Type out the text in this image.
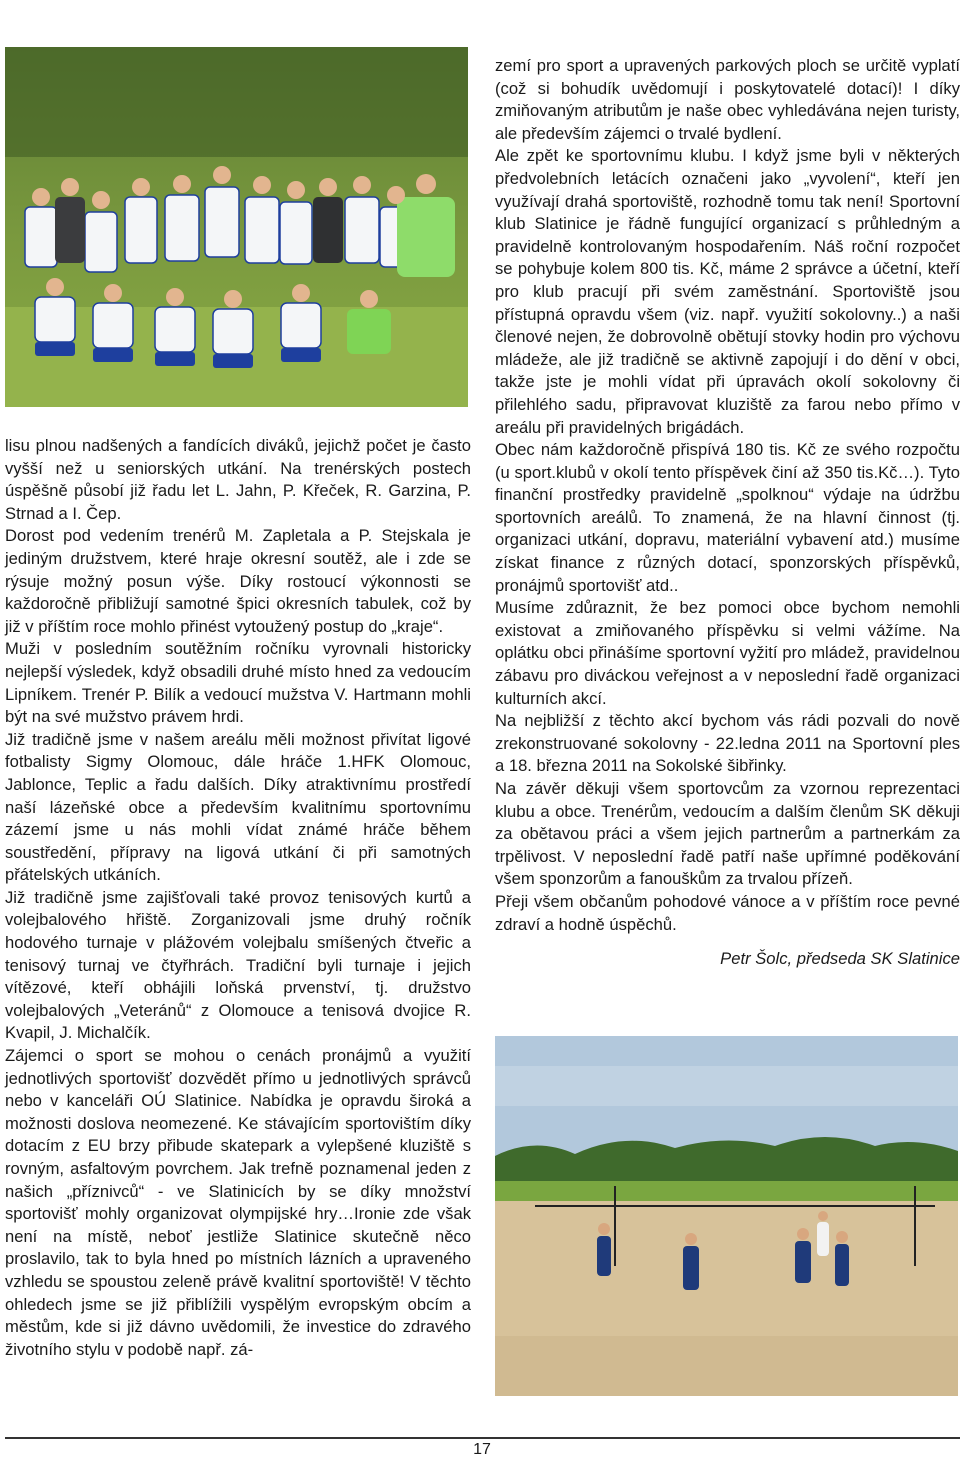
lisu plnou nadšených a fandících diváků, jejichž počet je často vyšší než u seniorských utkání. Na trenérských postech úspěšně působí již řadu let L. Jahn, P. Křeček, R. Garzina, P. Strnad a I. Čep.

Dorost pod vedením trenérů M. Zapletala a P. Stejskala je jediným družstvem, které hraje okresní soutěž, ale i zde se rýsuje možný posun výše. Díky rostoucí výkonnosti se každoročně přibližují samotné špici okresních tabulek, což by již v příštím roce mohlo přinést vytoužený postup do „kraje“.

Muži v posledním soutěžním ročníku vyrovnali historicky nejlepší výsledek, když obsadili druhé místo hned za vedoucím Lipníkem. Trenér P. Bilík a vedoucí mužstva V. Hartmann mohli být na své mužstvo právem hrdi.

Již tradičně jsme v našem areálu měli možnost přivítat ligové fotbalisty Sigmy Olomouc, dále hráče 1.HFK Olomouc, Jablonce, Teplic a řadu dalších. Díky atraktivnímu prostředí naší lázeňské obce a především kvalitnímu sportovnímu zázemí jsme u nás mohli vídat známé hráče během soustředění, přípravy na ligová utkání či při samotných přátelských utkáních.

Již tradičně jsme zajišťovali také provoz tenisových kurtů a volejbalového hřiště. Zorganizovali jsme druhý ročník hodového turnaje v plážovém volejbalu smíšených čtveřic a tenisový turnaj ve čtyřhrách. Tradiční byli turnaje i jejich vítězové, kteří obhájili loňská prvenství, tj. družstvo volejbalových „Veteránů“ z Olomouce a tenisová dvojice R. Kvapil, J. Michalčík.

Zájemci o sport se mohou o cenách pronájmů a využití jednotlivých sportovišť dozvědět přímo u jednotlivých správců nebo v kanceláři OÚ Slatinice. Nabídka je opravdu široká a možnosti doslova neomezené. Ke stávajícím sportovištím díky dotacím z EU brzy přibude skatepark a vylepšené kluziště s rovným, asfaltovým povrchem. Jak trefně poznamenal jeden z našich „příznivců“ - ve Slatinicích by se díky množství sportovišť mohly organizovat olympijské hry…Ironie zde však není na místě, neboť jestliže Slatinice skutečně něco proslavilo, tak to byla hned po místních lázních a upraveného vzhledu se spoustou zeleně právě kvalitní sportoviště! V těchto ohledech jsme se již přiblížili vyspělým evropským obcím a městům, kde si již dávno uvědomili, že investice do zdravého životního stylu v podobě např. zá-

zemí pro sport a upravených parkových ploch se určitě vyplatí (což si bohudík uvědomují i poskytovatelé dotací)! I díky zmiňovaným atributům je naše obec vyhledávána nejen turisty, ale především zájemci o trvalé bydlení.

Ale zpět ke sportovnímu klubu. I když jsme byli v některých předvolebních letácích označeni jako „vyvolení“, kteří jen využívají drahá sportoviště, rozhodně tomu tak není! Sportovní klub Slatinice je řádně fungující organizací s průhledným a pravidelně kontrolovaným hospodařením. Náš roční rozpočet se pohybuje kolem 800 tis. Kč, máme 2 správce a účetní, kteří pro klub pracují při svém zaměstnání. Sportoviště jsou přístupná opravdu všem (viz. např. využití sokolovny..) a naši členové nejen, že dobrovolně obětují stovky hodin pro výchovu mládeže, ale již tradičně se aktivně zapojují i do dění v obci, takže jste je mohli vídat při úpravách okolí sokolovny či přilehlého sadu, připravovat kluziště za farou nebo přímo v areálu při pravidelných brigádách.

Obec nám každoročně přispívá 180 tis. Kč ze svého rozpočtu (u sport.klubů v okolí tento příspěvek činí až 350 tis.Kč…). Tyto finanční prostředky pravidelně „spolknou“ výdaje na údržbu sportovních areálů. To znamená, že na hlavní činnost (tj. organizaci utkání, dopravu, materiální vybavení atd.) musíme získat finance z různých dotací, sponzorských příspěvků, pronájmů sportovišť atd..

Musíme zdůraznit, že bez pomoci obce bychom nemohli existovat a zmiňovaného příspěvku si velmi vážíme. Na oplátku obci přinášíme sportovní vyžití pro mládež, pravidelnou zábavu pro diváckou veřejnost a v neposlední řadě organizaci kulturních akcí.

Na nejbližší z těchto akcí bychom vás rádi pozvali do nově zrekonstruované sokolovny - 22.ledna 2011 na Sportovní ples a 18. března 2011 na Sokolské šibřinky.

Na závěr děkuji všem sportovcům za vzornou reprezentaci klubu a obce. Trenérům, vedoucím a dalším členům SK děkuji za obětavou práci a všem jejich partnerům a partnerkám za trpělivost. V neposlední řadě patří naše upřímné poděkování všem sponzorům a fanouškům za trvalou přízeň.

Přeji všem občanům pohodové vánoce a v příštím roce pevné zdraví a hodně úspěchů.

Petr Šolc, předseda SK Slatinice

17
